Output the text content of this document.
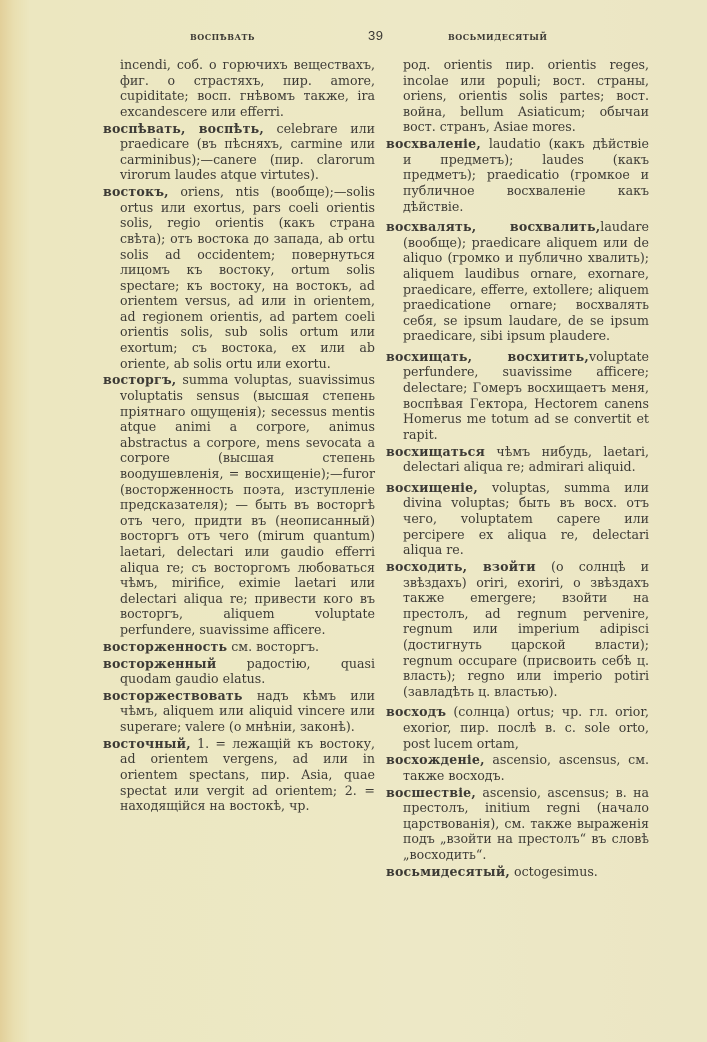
воспѣвать	39	восьмидесятый

incendi, соб. о горючихъ веществахъ, фиг. о страстяхъ, пир. amore, cupiditate; восп. гнѣвомъ также, ira excandescere или efferri.

воспѣвать, воспѣть, celebrare или praedicare (въ пѣсняхъ, carmine или carminibus);—canere (пир. clarorum virorum laudes atque virtutes).

востокъ, oriens, ntis (вообще);—solis ortus или exortus, pars coeli orientis solis, regio orientis (какъ страна свѣта); отъ востока до запада, ab ortu solis ad occidentem; повернуться лицомъ къ востоку, ortum solis spectare; къ востоку, на востокъ, ad orientem versus, ad или in orientem, ad regionem orientis, ad partem coeli orientis solis, sub solis ortum или exortum; съ востока, ex или ab oriente, ab solis ortu или exortu.

восторгъ, summa voluptas, suavissimus voluptatis sensus (высшая степень пріятнаго ощущенія); secessus mentis atque animi a corpore, animus abstractus a corpore, mens sevocata a corpore (высшая степень воодушевленія, = восхищеніе);—furor (восторженность поэта, изступленіе предсказателя); — быть въ восторгѣ отъ чего, придти въ (неописанный) восторгъ отъ чего (mirum quantum) laetari, delectari или gaudio efferri aliqua re; съ восторгомъ любоваться чѣмъ, mirifice, eximie laetari или delectari aliqua re; привести кого въ восторгъ, aliquem voluptate perfundere, suavissime afficere.

восторженность см. восторгъ.

восторженный радостію, quasi quodam gaudio elatus.

восторжествовать надъ кѣмъ или чѣмъ, aliquem или aliquid vincere или superare; valere (о мнѣніи, законѣ).

восточный, 1. = лежащій къ востоку, ad orientem vergens, ad или in orientem spectans, пир. Asia, quae spectat или vergit ad orientem; 2. = находящійся на востокѣ, чр.

род. orientis пир. orientis reges, incolae или populi; вост. страны, oriens, orientis solis partes; вост. война, bellum Asiaticum; обычаи вост. странъ, Asiae mores.

восхваленіе, laudatio (какъ дѣйствіе и предметъ); laudes (какъ предметъ); praedicatio (громкое и публичное восхваленіе какъ дѣйствіе.

восхвалять, восхвалить,laudare (вообще); praedicare aliquem или de aliquo (громко и публично хвалить); aliquem laudibus ornare, exornare, praedicare, efferre, extollere; aliquem praedicatione ornare; восхвалять себя, se ipsum laudare, de se ipsum praedicare, sibi ipsum plaudere.

восхищать, восхитить,voluptate perfundere, suavissime afficere; delectare; Гомеръ восхищаетъ меня, воспѣвая Гектора, Hectorem canens Homerus me totum ad se convertit et rapit.

восхищаться чѣмъ нибудь, laetari, delectari aliqua re; admirari aliquid.

восхищеніе, voluptas, summa или divina voluptas; быть въ восх. отъ чего, voluptatem capere или percipere ex aliqua re, delectari aliqua re.

восходить, взойти (о солнцѣ и звѣздахъ) oriri, exoriri, о звѣздахъ также emergere; взойти на престолъ, ad regnum pervenire, regnum или imperium adipisci (достигнуть царской власти); regnum occupare (присвоить себѣ ц. власть); regno или imperio potiri (завладѣть ц. властью).

восходъ (солнца) ortus; чр. гл. orior, exorior, пир. послѣ в. с. sole orto, post lucem ortam,

восхожденіе, ascensio, ascensus, см. также восходъ.

восшествіе, ascensio, ascensus; в. на престолъ, initium regni (начало царствованія), см. также выраженія подъ „взойти на престолъ“ въ словѣ „восходить“.

восьмидесятый, octogesimus.
